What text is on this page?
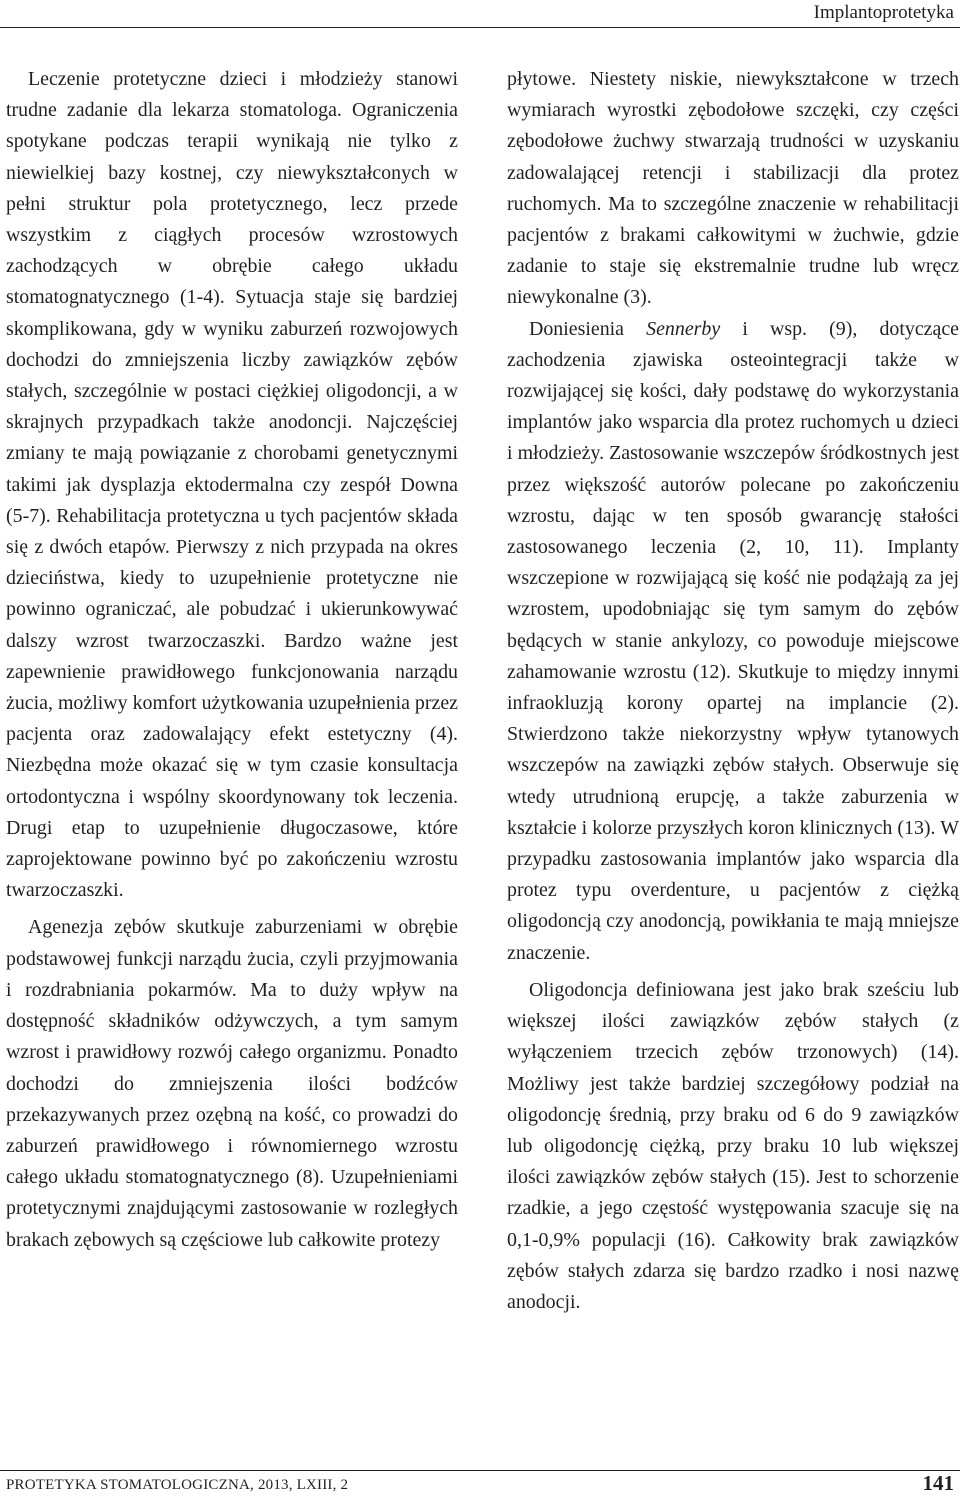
Implantoprotetyka

Leczenie protetyczne dzieci i młodzieży stanowi trudne zadanie dla lekarza stomatologa. Ograniczenia spotykane podczas terapii wynikają nie tylko z niewielkiej bazy kostnej, czy niewykształconych w pełni struktur pola protetycznego, lecz przede wszystkim z ciągłych procesów wzrostowych zachodzących w obrębie całego układu stomatognatycznego (1-4). Sytuacja staje się bardziej skomplikowana, gdy w wyniku zaburzeń rozwojowych dochodzi do zmniejszenia liczby zawiązków zębów stałych, szczególnie w postaci ciężkiej oligodoncji, a w skrajnych przypadkach także anodoncji. Najczęściej zmiany te mają powiązanie z chorobami genetycznymi takimi jak dysplazja ektodermalna czy zespół Downa (5-7). Rehabilitacja protetyczna u tych pacjentów składa się z dwóch etapów. Pierwszy z nich przypada na okres dzieciństwa, kiedy to uzupełnienie protetyczne nie powinno ograniczać, ale pobudzać i ukierunkowywać dalszy wzrost twarzoczaszki. Bardzo ważne jest zapewnienie prawidłowego funkcjonowania narządu żucia, możliwy komfort użytkowania uzupełnienia przez pacjenta oraz zadowalający efekt estetyczny (4). Niezbędna może okazać się w tym czasie konsultacja ortodontyczna i wspólny skoordynowany tok leczenia. Drugi etap to uzupełnienie długoczasowe, które zaprojektowane powinno być po zakończeniu wzrostu twarzoczaszki.

Agenezja zębów skutkuje zaburzeniami w obrębie podstawowej funkcji narządu żucia, czyli przyjmowania i rozdrabniania pokarmów. Ma to duży wpływ na dostępność składników odżywczych, a tym samym wzrost i prawidłowy rozwój całego organizmu. Ponadto dochodzi do zmniejszenia ilości bodźców przekazywanych przez ozębną na kość, co prowadzi do zaburzeń prawidłowego i równomiernego wzrostu całego układu stomatognatycznego (8). Uzupełnieniami protetycznymi znajdującymi zastosowanie w rozległych brakach zębowych są częściowe lub całkowite protezy

płytowe. Niestety niskie, niewykształcone w trzech wymiarach wyrostki zębodołowe szczęki, czy części zębodołowe żuchwy stwarzają trudności w uzyskaniu zadowalającej retencji i stabilizacji dla protez ruchomych. Ma to szczególne znaczenie w rehabilitacji pacjentów z brakami całkowitymi w żuchwie, gdzie zadanie to staje się ekstremalnie trudne lub wręcz niewykonalne (3).

Doniesienia Sennerby i wsp. (9), dotyczące zachodzenia zjawiska osteointegracji także w rozwijającej się kości, dały podstawę do wykorzystania implantów jako wsparcia dla protez ruchomych u dzieci i młodzieży. Zastosowanie wszczepów śródkostnych jest przez większość autorów polecane po zakończeniu wzrostu, dając w ten sposób gwarancję stałości zastosowanego leczenia (2, 10, 11). Implanty wszczepione w rozwijającą się kość nie podążają za jej wzrostem, upodobniając się tym samym do zębów będących w stanie ankylozy, co powoduje miejscowe zahamowanie wzrostu (12). Skutkuje to między innymi infraokluzją korony opartej na implancie (2). Stwierdzono także niekorzystny wpływ tytanowych wszczepów na zawiązki zębów stałych. Obserwuje się wtedy utrudnioną erupcję, a także zaburzenia w kształcie i kolorze przyszłych koron klinicznych (13). W przypadku zastosowania implantów jako wsparcia dla protez typu overdenture, u pacjentów z ciężką oligodoncją czy anodoncją, powikłania te mają mniejsze znaczenie.

Oligodoncja definiowana jest jako brak sześciu lub większej ilości zawiązków zębów stałych (z wyłączeniem trzecich zębów trzonowych) (14). Możliwy jest także bardziej szczegółowy podział na oligodoncję średnią, przy braku od 6 do 9 zawiązków lub oligodoncję ciężką, przy braku 10 lub większej ilości zawiązków zębów stałych (15). Jest to schorzenie rzadkie, a jego częstość występowania szacuje się na 0,1-0,9% populacji (16). Całkowity brak zawiązków zębów stałych zdarza się bardzo rzadko i nosi nazwę anodocji.

PROTETYKA STOMATOLOGICZNA, 2013, LXIII, 2	141
